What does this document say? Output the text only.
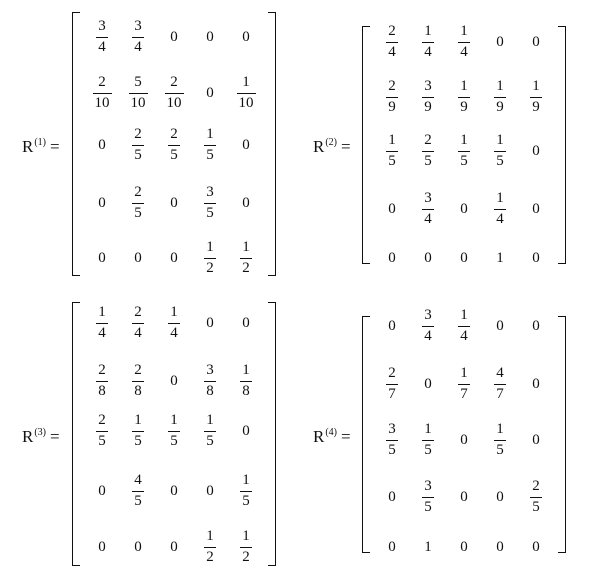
$R^{(1)}$ =
$\frac{3}{4} \frac{3}{4} 0$ 0 0
$\frac{2}{10} \frac{5}{10} \frac{2}{10} 0 \frac{1}{10}$
$0 \frac{2}{5} \frac{2}{5} \frac{1}{5} 0$
$0 \frac{2}{5} 0 \frac{3}{5} 0$
0 0 $0 \frac{1}{2} \frac{1}{2}$
$R^{(2)}$ =
$\frac{2}{4} \frac{1}{4} \frac{1}{4} 0$ 0
$\frac{2}{9} \frac{3}{9} \frac{1}{9} \frac{1}{9} \frac{1}{9}$
$\frac{1}{5} \frac{2}{5} \frac{1}{5} \frac{1}{5} 0$
$0 \frac{3}{4} 0 \frac{1}{4} 0$
0 0 0 1 0
$R^{(3)}$ =
$\frac{1}{4} \frac{2}{4} \frac{1}{4} 0$ 0
$\frac{2}{8} \frac{2}{8} 0 \frac{3}{8} \frac{1}{8}$
$\frac{2}{5} \frac{1}{5} \frac{1}{5} \frac{1}{5} 0$
$0 \frac{4}{5} 0$ $0 \frac{1}{5}$
0 0 $0 \frac{1}{2} \frac{1}{2}$
$R^{(4)}$ =
$0 \frac{3}{4} \frac{1}{4} 0$ 0
$\frac{2}{7} 0 \frac{1}{7} \frac{4}{7} 0$
$\frac{3}{5} \frac{1}{5} 0 \frac{1}{5} 0$
$0 \frac{3}{5} 0$ $0 \frac{2}{5}$
0 1 0 0 0
